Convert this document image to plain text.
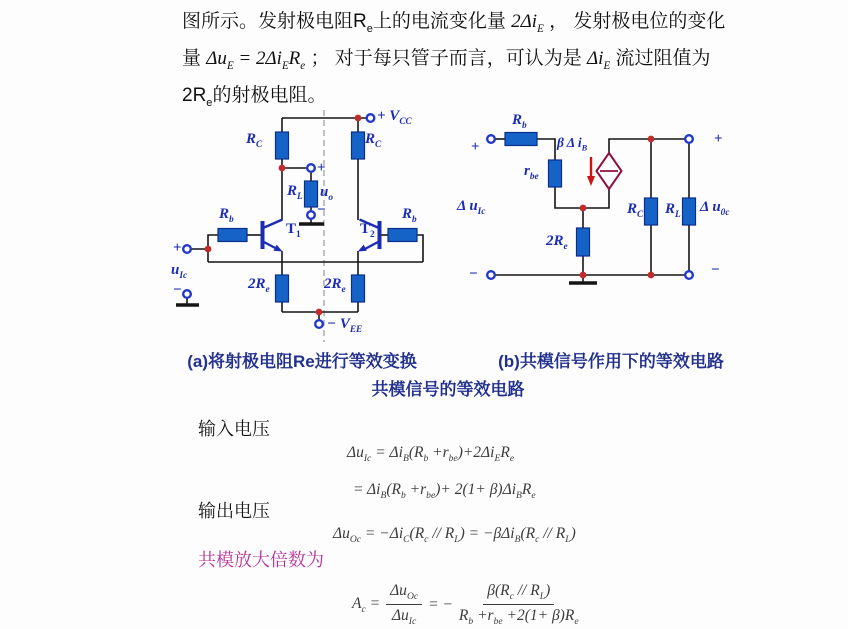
图所示。发射极电阻$R_e$上的电流变化量 $2\Delta i_E$ ， 发射极电位的变化
量 $\Delta u_E = 2\Delta i_ER_e$ ； 对于每只管子而言，可认为是 $\Delta i_E$ 流过阻值为
$2R_e$的射极电阻。
$R_C$	$R_C$
+ $V_{CC}$
$R_L$ $u_o$
+
−
$R_b$	$R_b$
$T_1$	$T_2$
+
$u_{Ic}$
−	$2R_e$	$2R_e$
− $V_{EE}$
$R_b$
+	β Δ $i_B$
$r_{be}$
Δ $u_{Ic}$
$2R_e$
$R_C$ $R_L$ Δ $u_{0c}$
+
−
−
(a)将射极电阻Re进行等效变换	(b)共模信号作用下的等效电路
共模信号的等效电路
输入电压
$\Delta u_{Ic} = \Delta i_B(R_b +r_{be})+2\Delta i_ER_e$
= $\Delta i_B(R_b +r_{be})+ 2(1+ \beta)\Delta i_BR_e$
输出电压
$\Delta u_{Oc} = -\Delta i_C(R_c // R_L) = -\beta\Delta i_B(R_c // R_L)$
共模放大倍数为
$A_c = \frac{\Delta u_{Oc}}{\Delta u_{Ic}}$ = − $\frac{\beta(R_c // R_L)}{R_b +r_{be} +2(1+ \beta)R_e}$
